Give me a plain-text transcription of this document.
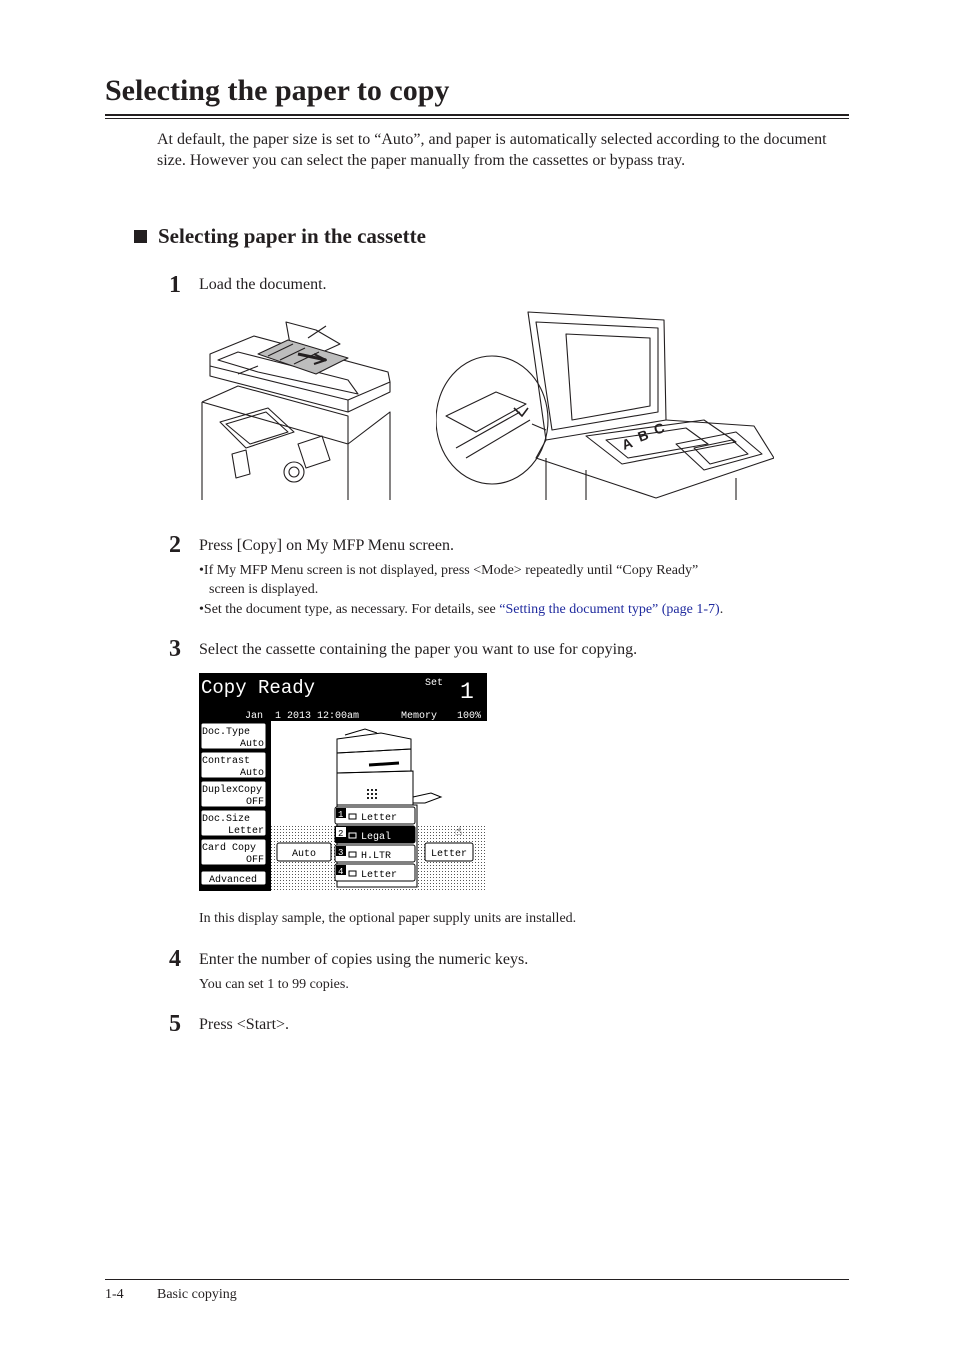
Selecting the paper to copy

At default, the paper size is set to “Auto”, and paper is automatically selected according to the document size. However you can select the paper manually from the cassettes or bypass tray.

Selecting paper in the cassette
1 Load the document.
A B C
2 Press [Copy] on My MFP Menu screen.
•If My MFP Menu screen is not displayed, press <Mode> repeatedly until “Copy Ready”
screen is displayed.
•Set the document type, as necessary. For details, see “Setting the document type” (page 1-7).
3 Select the cassette containing the paper you want to use for copying.
Copy Ready	Set 1
Jan  1 2013 12:00am	Memory 100%
Doc.Type
Auto
Contrast
Auto
DuplexCopy
OFF
Doc.Size
Letter
Card Copy
OFF
Advanced
Auto	Letter
☝
1 Letter
2 Legal
3 H.LTR
4 Letter
In this display sample, the optional paper supply units are installed.
4 Enter the number of copies using the numeric keys.
You can set 1 to 99 copies.
5 Press <Start>.
1-4 Basic copying
